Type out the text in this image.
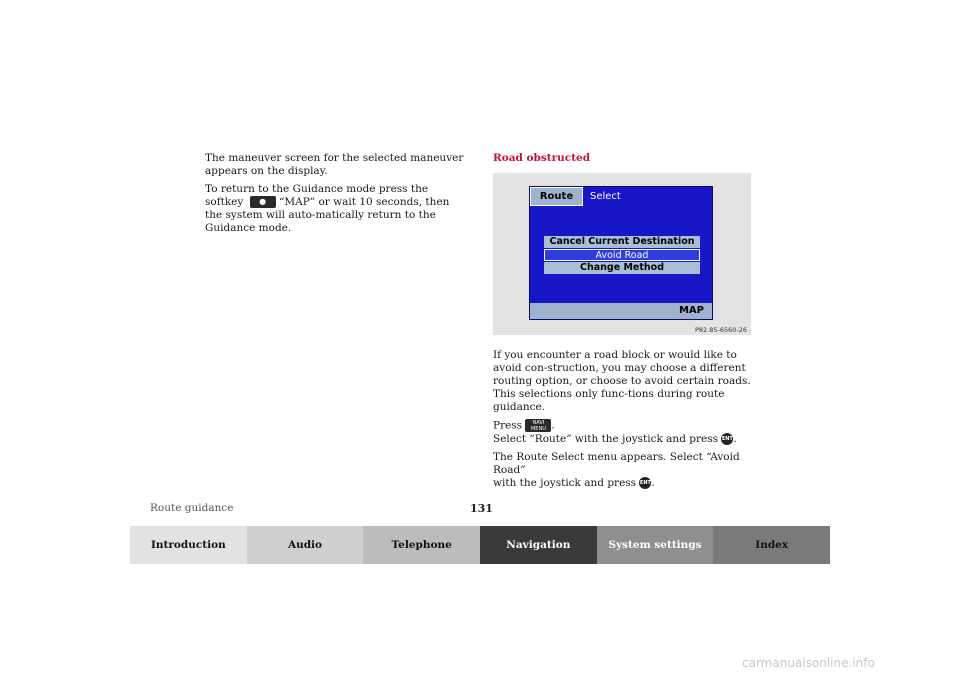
The maneuver screen for the selected maneuver appears on the display.

To return to the Guidance mode press the softkey ● “MAP” or wait 10 seconds, then the system will auto-matically return to the Guidance mode.

Road obstructed
Route	Select
Cancel Current Destination
Avoid Road
Change Method
MAP
P82.85-6560-26

If you encounter a road block or would like to avoid con-struction, you may choose a different routing option, or choose to avoid certain roads. This selections only func-tions during route guidance.

Press NAVI
MENU .
Select “Route” with the joystick and press ENT.

The Route Select menu appears. Select “Avoid Road”
with the joystick and press ENT.

Route guidance	131
Introduction	Audio	Telephone	Navigation	System settings	Index
carmanualsonline.info
